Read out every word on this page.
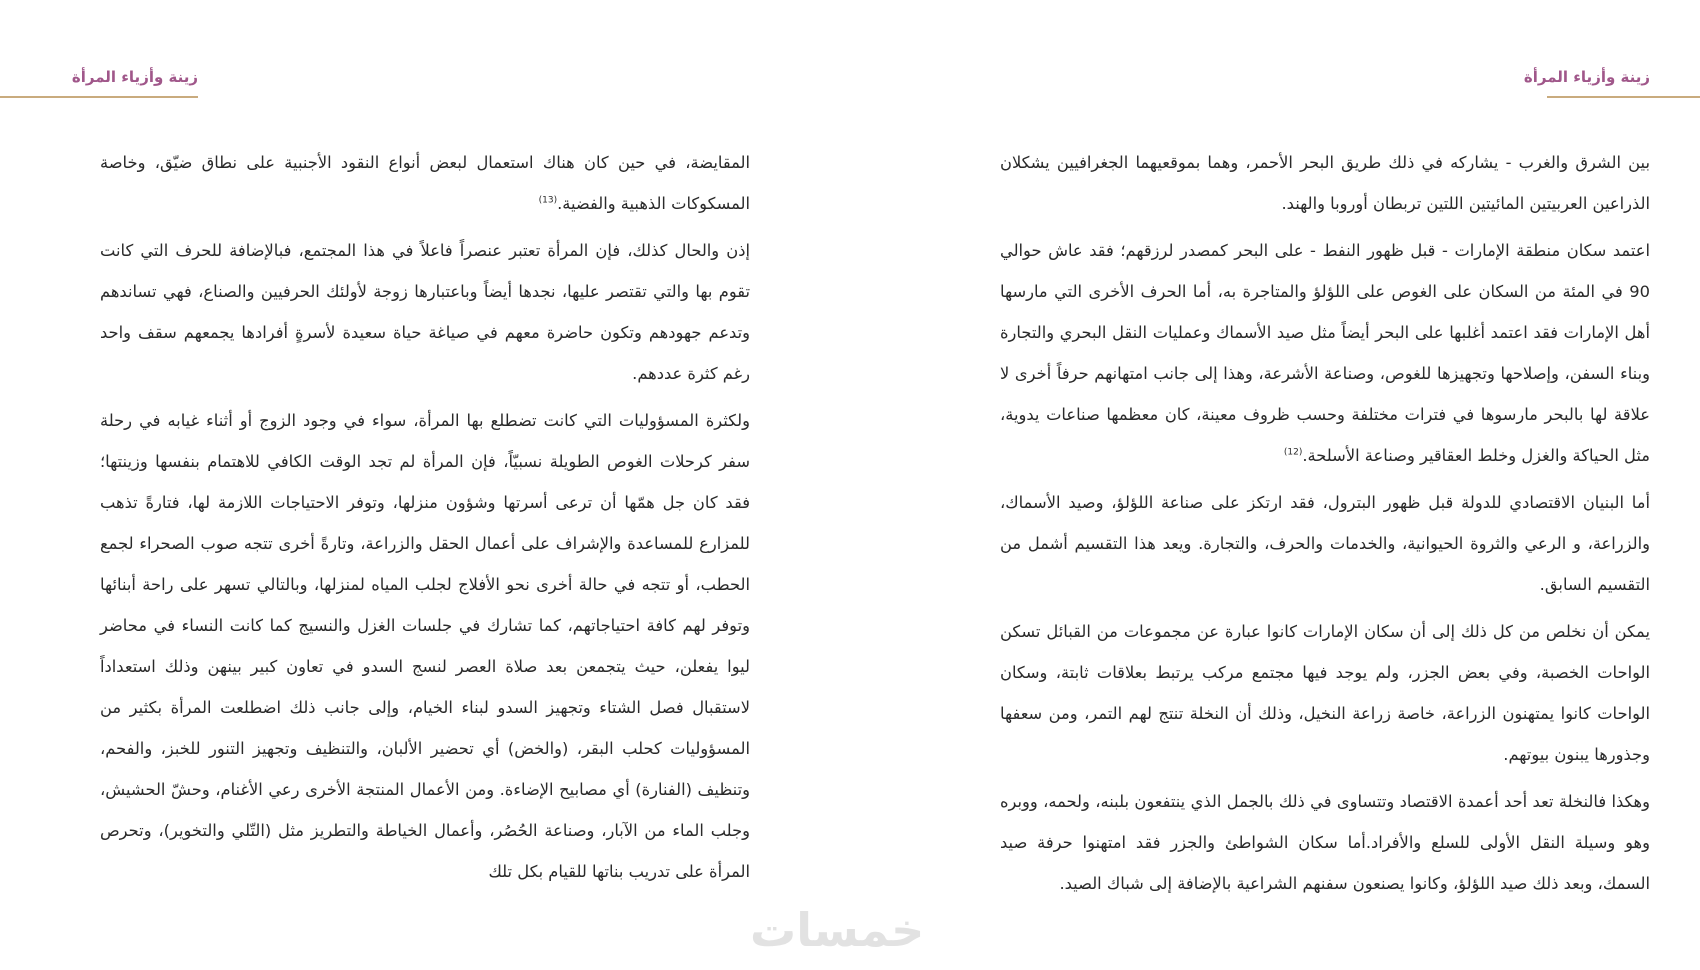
زينة وأزياء المرأة

بين الشرق والغرب - يشاركه في ذلك طريق البحر الأحمر، وهما بموقعيهما الجغرافيين يشكلان الذراعين العربيتين المائيتين اللتين تربطان أوروبا والهند.

اعتمد سكان منطقة الإمارات - قبل ظهور النفط - على البحر كمصدر لرزقهم؛ فقد عاش حوالي 90 في المئة من السكان على الغوص على اللؤلؤ والمتاجرة به، أما الحرف الأخرى التي مارسها أهل الإمارات فقد اعتمد أغلبها على البحر أيضاً مثل صيد الأسماك وعمليات النقل البحري والتجارة وبناء السفن، وإصلاحها وتجهيزها للغوص، وصناعة الأشرعة، وهذا إلى جانب امتهانهم حرفاً أخرى لا علاقة لها بالبحر مارسوها في فترات مختلفة وحسب ظروف معينة، كان معظمها صناعات يدوية، مثل الحياكة والغزل وخلط العقاقير وصناعة الأسلحة.$^{(12)}$

أما البنيان الاقتصادي للدولة قبل ظهور البترول، فقد ارتكز على صناعة اللؤلؤ، وصيد الأسماك، والزراعة، و الرعي والثروة الحيوانية، والخدمات والحرف، والتجارة. ويعد هذا التقسيم أشمل من التقسيم السابق.

يمكن أن نخلص من كل ذلك إلى أن سكان الإمارات كانوا عبارة عن مجموعات من القبائل تسكن الواحات الخصبة، وفي بعض الجزر، ولم يوجد فيها مجتمع مركب يرتبط بعلاقات ثابتة، وسكان الواحات كانوا يمتهنون الزراعة، خاصة زراعة النخيل، وذلك أن النخلة تنتج لهم التمر، ومن سعفها وجذورها يبنون بيوتهم.

وهكذا فالنخلة تعد أحد أعمدة الاقتصاد وتتساوى في ذلك بالجمل الذي ينتفعون بلبنه، ولحمه، ووبره وهو وسيلة النقل الأولى للسلع والأفراد.أما سكان الشواطئ والجزر فقد امتهنوا حرفة صيد السمك، وبعد ذلك صيد اللؤلؤ، وكانوا يصنعون سفنهم الشراعية بالإضافة إلى شباك الصيد.

زينة وأزياء المرأة

المقايضة، في حين كان هناك استعمال لبعض أنواع النقود الأجنبية على نطاق ضيّق، وخاصة المسكوكات الذهبية والفضية.$^{(13)}$

إذن والحال كذلك، فإن المرأة تعتبر عنصراً فاعلاً في هذا المجتمع، فبالإضافة للحرف التي كانت تقوم بها والتي تقتصر عليها، نجدها أيضاً وباعتبارها زوجة لأولئك الحرفيين والصناع، فهي تساندهم وتدعم جهودهم وتكون حاضرة معهم في صياغة حياة سعيدة لأسرةٍ أفرادها يجمعهم سقف واحد رغم كثرة عددهم.

ولكثرة المسؤوليات التي كانت تضطلع بها المرأة، سواء في وجود الزوج أو أثناء غيابه في رحلة سفر كرحلات الغوص الطويلة نسبيّاً، فإن المرأة لم تجد الوقت الكافي للاهتمام بنفسها وزينتها؛ فقد كان جل همّها أن ترعى أسرتها وشؤون منزلها، وتوفر الاحتياجات اللازمة لها، فتارةً تذهب للمزارع للمساعدة والإشراف على أعمال الحقل والزراعة، وتارةً أخرى تتجه صوب الصحراء لجمع الحطب، أو تتجه في حالة أخرى نحو الأفلاج لجلب المياه لمنزلها، وبالتالي تسهر على راحة أبنائها وتوفر لهم كافة احتياجاتهم، كما تشارك في جلسات الغزل والنسيج كما كانت النساء في محاضر ليوا يفعلن، حيث يتجمعن بعد صلاة العصر لنسج السدو في تعاون كبير بينهن وذلك استعداداً لاستقبال فصل الشتاء وتجهيز السدو لبناء الخيام، وإلى جانب ذلك اضطلعت المرأة بكثير من المسؤوليات كحلب البقر، (والخض) أي تحضير الألبان، والتنظيف وتجهيز التنور للخبز، والفحم، وتنظيف (الفنارة) أي مصابيح الإضاءة. ومن الأعمال المنتجة الأخرى رعي الأغنام، وحشّ الحشيش، وجلب الماء من الآبار، وصناعة الحُصُر، وأعمال الخياطة والتطريز مثل (التّلي والتخوير)، وتحرص المرأة على تدريب بناتها للقيام بكل تلك

خمسات
